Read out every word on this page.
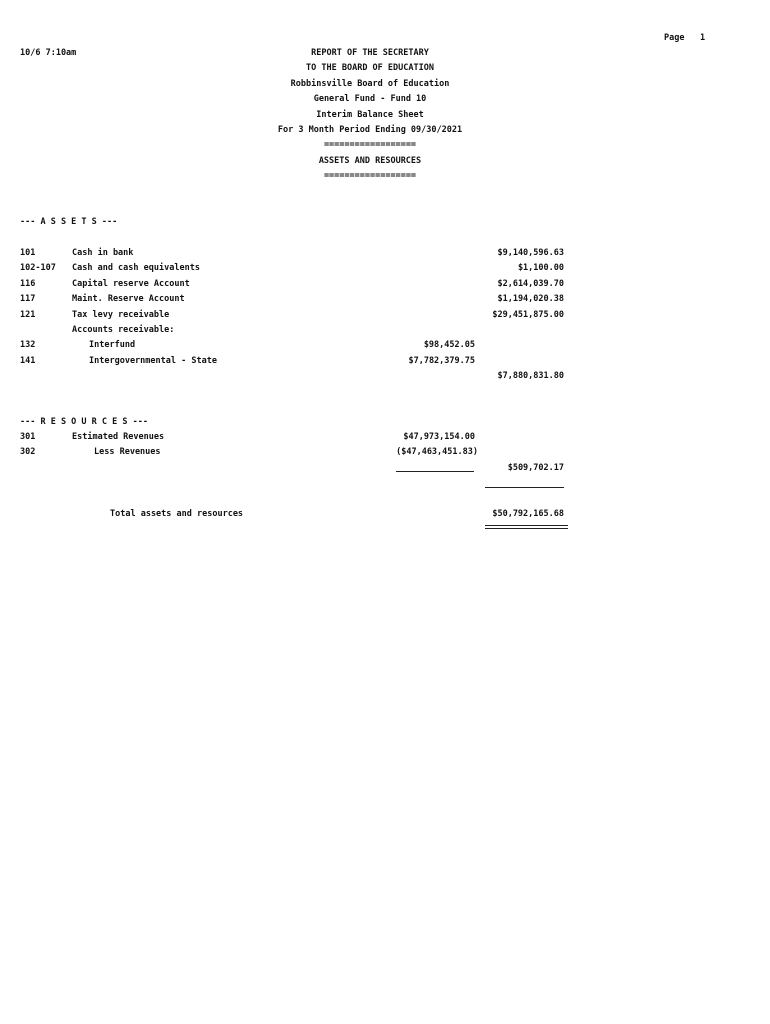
Page 1
10/6 7:10am	REPORT OF THE SECRETARY
TO THE BOARD OF EDUCATION
Robbinsville Board of Education
General Fund - Fund 10
Interim Balance Sheet
For 3 Month Period Ending 09/30/2021
==================
ASSETS AND RESOURCES
==================
--- A S S E T S ---
101	Cash in bank	$9,140,596.63
102-107 Cash and cash equivalents	$1,100.00
116	Capital reserve Account	$2,614,039.70
117	Maint. Reserve Account	$1,194,020.38
121	Tax levy receivable	$29,451,875.00
Accounts receivable:
132	Interfund	$98,452.05
141	Intergovernmental - State	$7,782,379.75
$7,880,831.80
--- R E S O U R C E S ---
301	Estimated Revenues	$47,973,154.00
302	Less Revenues	($47,463,451.83)
$509,702.17
Total assets and resources	$50,792,165.68
